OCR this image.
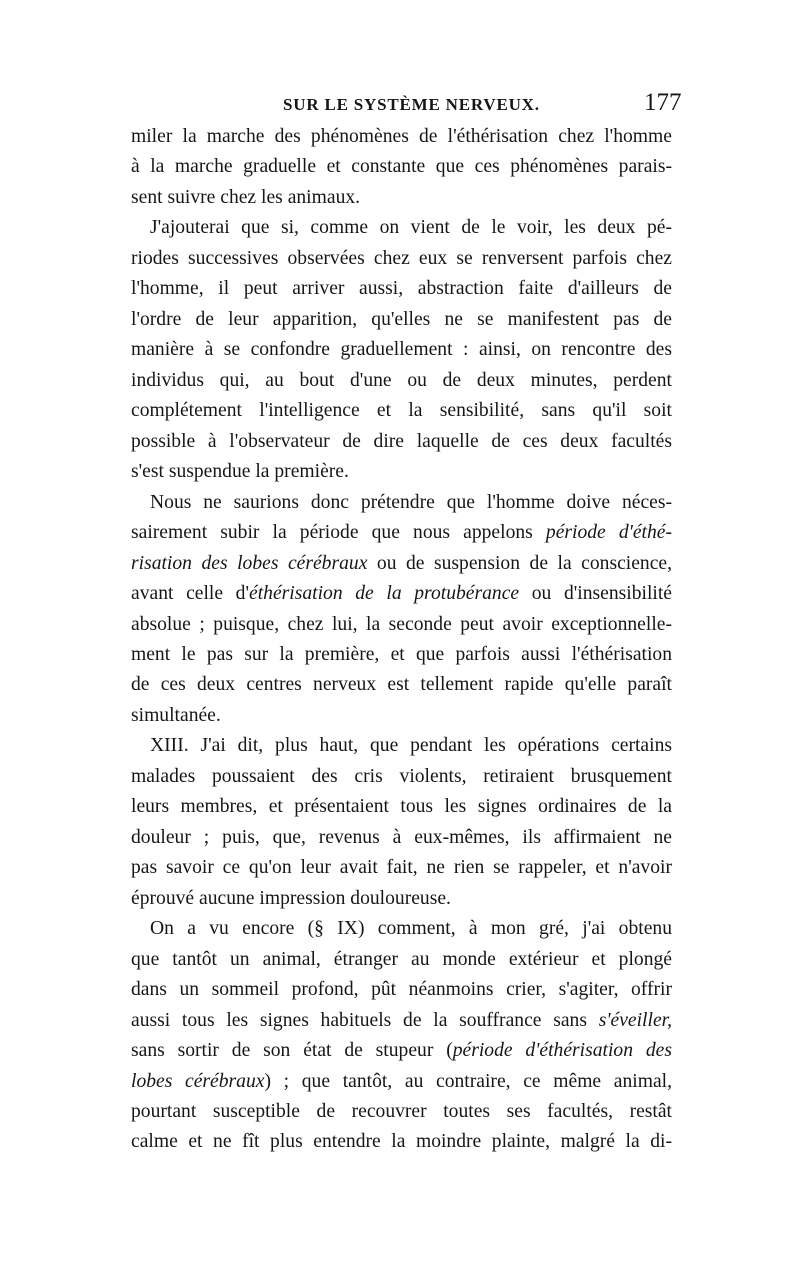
SUR LE SYSTÈME NERVEUX.	177
miler la marche des phénomènes de l'éthérisation chez l'homme
à la marche graduelle et constante que ces phénomènes parais-
sent suivre chez les animaux.
J'ajouterai que si, comme on vient de le voir, les deux pé-
riodes successives observées chez eux se renversent parfois chez
l'homme, il peut arriver aussi, abstraction faite d'ailleurs de
l'ordre de leur apparition, qu'elles ne se manifestent pas de
manière à se confondre graduellement : ainsi, on rencontre des
individus qui, au bout d'une ou de deux minutes, perdent
complétement l'intelligence et la sensibilité, sans qu'il soit
possible à l'observateur de dire laquelle de ces deux facultés
s'est suspendue la première.
Nous ne saurions donc prétendre que l'homme doive néces-
sairement subir la période que nous appelons période d'éthé-
risation des lobes cérébraux ou de suspension de la conscience,
avant celle d'éthérisation de la protubérance ou d'insensibilité
absolue ; puisque, chez lui, la seconde peut avoir exceptionnelle-
ment le pas sur la première, et que parfois aussi l'éthérisation
de ces deux centres nerveux est tellement rapide qu'elle paraît
simultanée.
XIII. J'ai dit, plus haut, que pendant les opérations certains
malades poussaient des cris violents, retiraient brusquement
leurs membres, et présentaient tous les signes ordinaires de la
douleur ; puis, que, revenus à eux-mêmes, ils affirmaient ne
pas savoir ce qu'on leur avait fait, ne rien se rappeler, et n'avoir
éprouvé aucune impression douloureuse.
On a vu encore (§ IX) comment, à mon gré, j'ai obtenu
que tantôt un animal, étranger au monde extérieur et plongé
dans un sommeil profond, pût néanmoins crier, s'agiter, offrir
aussi tous les signes habituels de la souffrance sans s'éveiller,
sans sortir de son état de stupeur (période d'éthérisation des
lobes cérébraux) ; que tantôt, au contraire, ce même animal,
pourtant susceptible de recouvrer toutes ses facultés, restât
calme et ne fît plus entendre la moindre plainte, malgré la di-
